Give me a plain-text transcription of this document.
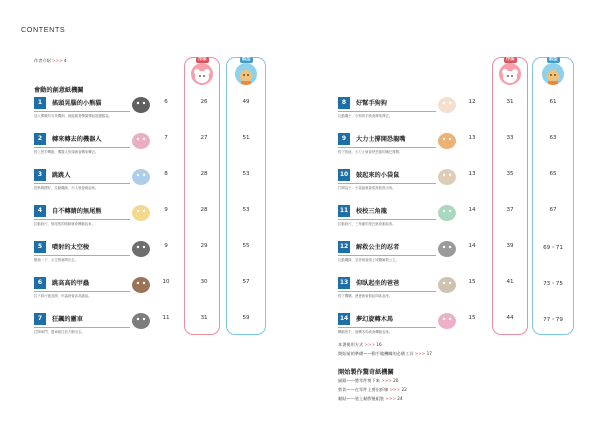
CONTENTS
作者介紹 >>> 4
會動的創意紙機關
作法	紙型	作法	紙型
1	搖頭晃腦的小熊貓
加入彈簧的耳朵機制，就能隨著彈簧彈起搖擺腦袋。
6	26	49
2	轉來轉去的機器人
按上把手轉動，機器人的頭就會轉來轉去。
7	27	51
3	跳跳人
把紙條摺好，拉動繩線，小人就會跳起來。
8	28	53
4	自不轉睛的無尾熊
拉動紙片，無尾熊的眼睛就會轉動起來。
9	28	53
5	噴射的太空梭
壓縮一下，太空梭就噴出去。
9	29	55
6	跳高高的甲蟲
拉下紙片後放開，甲蟲就會高高跳起。
10	30	57
7	狂飆的靈車
拉開車門，靈車就往前方衝出去。
11	31	59
8	好幫手狗狗
拉動繩子，小狗的手就會揮來揮去。
12	31	61
9	大力士撐開恐龍嘴
按下按鈕，大力士就會把恐龍的嘴巴撐開。
13	33	63
10 鼓起來的小袋鼠
打開袋子，小袋鼠就會從裡面鼓出來。
13	35	65
11 校校三角龍
拉動紙片，三角龍的尾巴就會動起來。
14	37	67
12 解救公主的忍者
拉動繩線，忍者就會爬上城牆解救公主。
14	39	69・71
13 仰臥起坐的爸爸
按下機關，爸爸就會做起仰臥起坐。
15	41	73・75
14 夢幻旋轉木馬
轉動把手，旋轉木馬就會轉動起來。
15	44	77・79
本書使用方式 >>> 16
開始前的準備——動手做機關的必備工具 >>> 17
開始製作驚奇紙機關
描紙——將零件剪下來 >>> 20
剪切——在零件上剪出折線 >>> 22
黏貼——塗上黏膠後組裝 >>> 24
